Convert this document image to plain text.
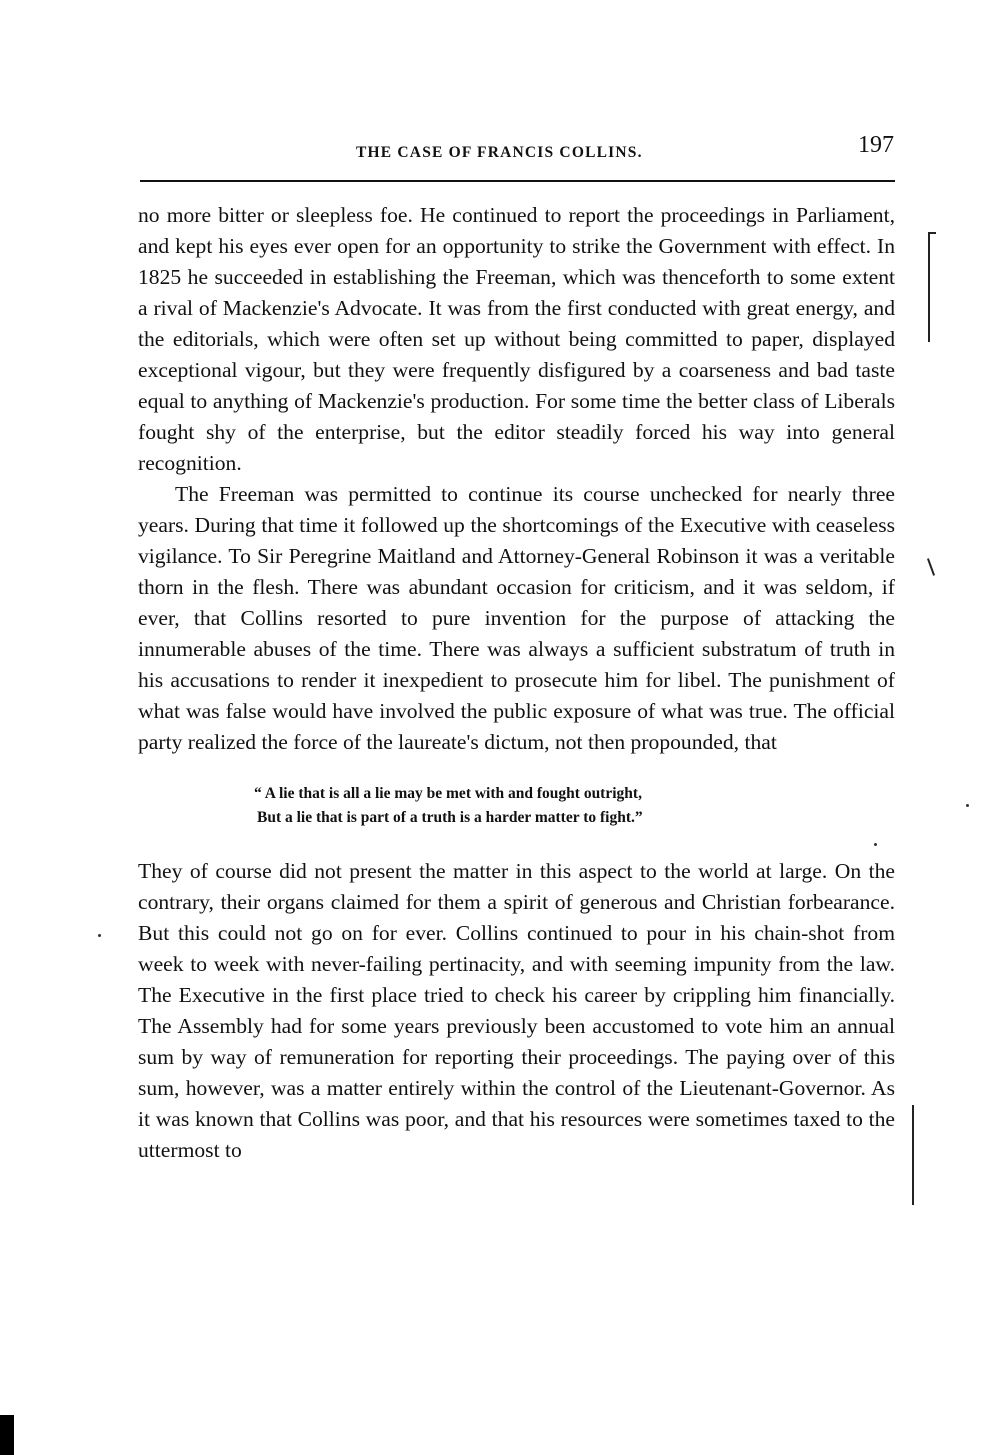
THE CASE OF FRANCIS COLLINS.	197

no more bitter or sleepless foe. He continued to report the proceedings in Parliament, and kept his eyes ever open for an opportunity to strike the Government with effect. In 1825 he succeeded in establishing the Freeman, which was thenceforth to some extent a rival of Mackenzie's Advocate. It was from the first conducted with great energy, and the editorials, which were often set up without being committed to paper, displayed exceptional vigour, but they were frequently disfigured by a coarseness and bad taste equal to anything of Mackenzie's production. For some time the better class of Liberals fought shy of the enterprise, but the editor steadily forced his way into general recognition.

The Freeman was permitted to continue its course unchecked for nearly three years. During that time it followed up the shortcomings of the Executive with ceaseless vigilance. To Sir Peregrine Maitland and Attorney-General Robinson it was a veritable thorn in the flesh. There was abundant occasion for criticism, and it was seldom, if ever, that Collins resorted to pure invention for the purpose of attacking the innumerable abuses of the time. There was always a sufficient substratum of truth in his accusations to render it inexpedient to prosecute him for libel. The punishment of what was false would have involved the public exposure of what was true. The official party realized the force of the laureate's dictum, not then propounded, that

“ A lie that is all a lie may be met with and fought outright,
But a lie that is part of a truth is a harder matter to fight.”

They of course did not present the matter in this aspect to the world at large. On the contrary, their organs claimed for them a spirit of generous and Christian forbearance. But this could not go on for ever. Collins continued to pour in his chain-shot from week to week with never-failing pertinacity, and with seeming impunity from the law. The Executive in the first place tried to check his career by crippling him financially. The Assembly had for some years previously been accustomed to vote him an annual sum by way of remuneration for reporting their proceedings. The paying over of this sum, however, was a matter entirely within the control of the Lieutenant-Governor. As it was known that Collins was poor, and that his resources were sometimes taxed to the uttermost to
